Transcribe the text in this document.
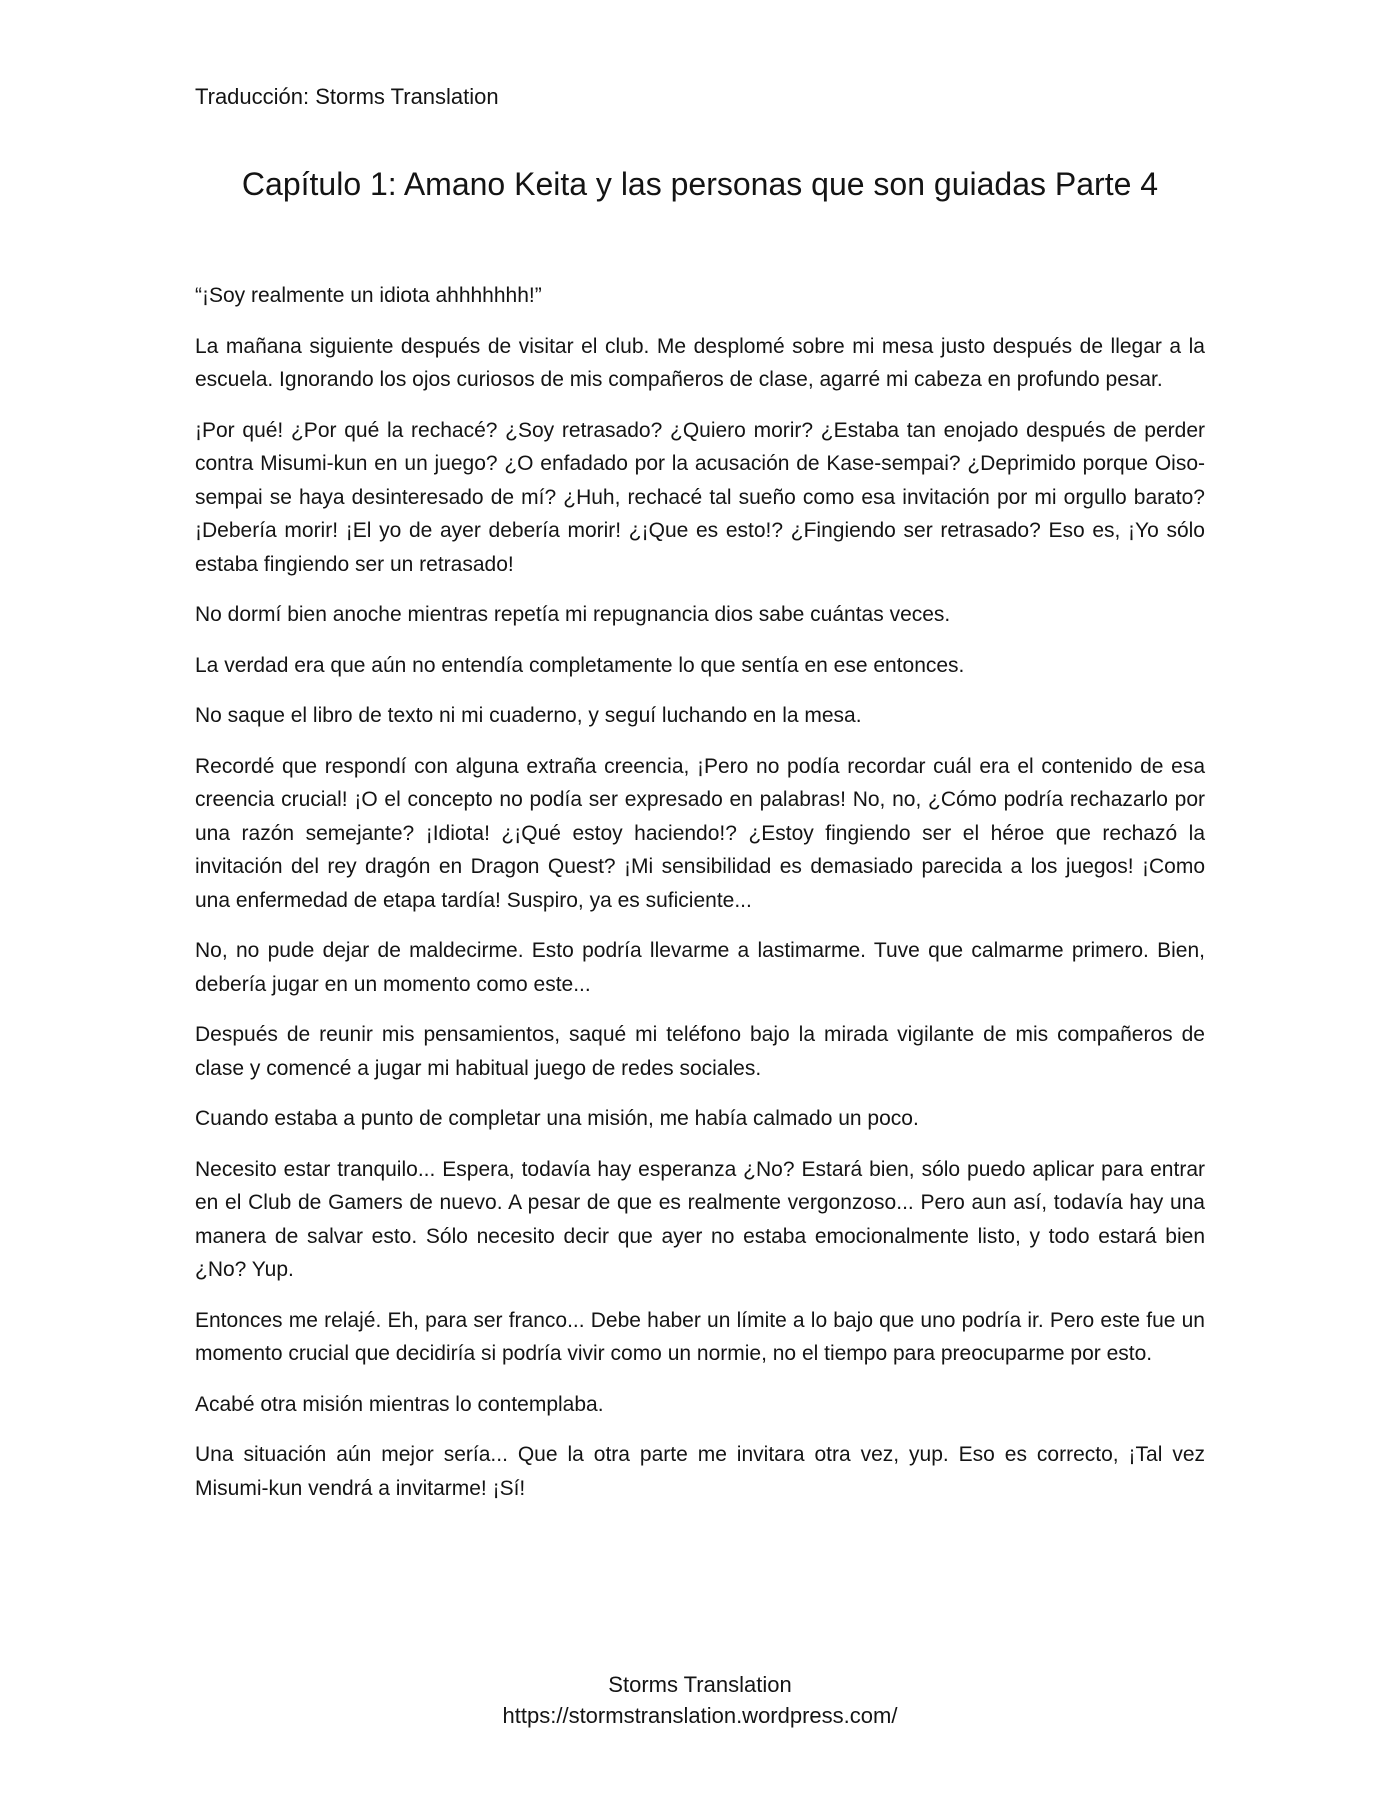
Traducción: Storms Translation

Capítulo 1: Amano Keita y las personas que son guiadas Parte 4

“¡Soy realmente un idiota ahhhhhhh!”

La mañana siguiente después de visitar el club. Me desplomé sobre mi mesa justo después de llegar a la escuela. Ignorando los ojos curiosos de mis compañeros de clase, agarré mi cabeza en profundo pesar.

¡Por qué! ¿Por qué la rechacé? ¿Soy retrasado? ¿Quiero morir? ¿Estaba tan enojado después de perder contra Misumi-kun en un juego? ¿O enfadado por la acusación de Kase-sempai? ¿Deprimido porque Oiso-sempai se haya desinteresado de mí? ¿Huh, rechacé tal sueño como esa invitación por mi orgullo barato? ¡Debería morir! ¡El yo de ayer debería morir! ¿¡Que es esto!? ¿Fingiendo ser retrasado? Eso es, ¡Yo sólo estaba fingiendo ser un retrasado!

No dormí bien anoche mientras repetía mi repugnancia dios sabe cuántas veces.

La verdad era que aún no entendía completamente lo que sentía en ese entonces.

No saque el libro de texto ni mi cuaderno, y seguí luchando en la mesa.

Recordé que respondí con alguna extraña creencia, ¡Pero no podía recordar cuál era el contenido de esa creencia crucial! ¡O el concepto no podía ser expresado en palabras! No, no, ¿Cómo podría rechazarlo por una razón semejante? ¡Idiota! ¿¡Qué estoy haciendo!? ¿Estoy fingiendo ser el héroe que rechazó la invitación del rey dragón en Dragon Quest? ¡Mi sensibilidad es demasiado parecida a los juegos! ¡Como una enfermedad de etapa tardía! Suspiro, ya es suficiente...

No, no pude dejar de maldecirme. Esto podría llevarme a lastimarme. Tuve que calmarme primero. Bien, debería jugar en un momento como este...

Después de reunir mis pensamientos, saqué mi teléfono bajo la mirada vigilante de mis compañeros de clase y comencé a jugar mi habitual juego de redes sociales.

Cuando estaba a punto de completar una misión, me había calmado un poco.

Necesito estar tranquilo... Espera, todavía hay esperanza ¿No? Estará bien, sólo puedo aplicar para entrar en el Club de Gamers de nuevo. A pesar de que es realmente vergonzoso... Pero aun así, todavía hay una manera de salvar esto. Sólo necesito decir que ayer no estaba emocionalmente listo, y todo estará bien ¿No? Yup.

Entonces me relajé. Eh, para ser franco... Debe haber un límite a lo bajo que uno podría ir. Pero este fue un momento crucial que decidiría si podría vivir como un normie, no el tiempo para preocuparme por esto.

Acabé otra misión mientras lo contemplaba.

Una situación aún mejor sería... Que la otra parte me invitara otra vez, yup. Eso es correcto, ¡Tal vez Misumi-kun vendrá a invitarme! ¡Sí!

Storms Translation
https://stormstranslation.wordpress.com/
